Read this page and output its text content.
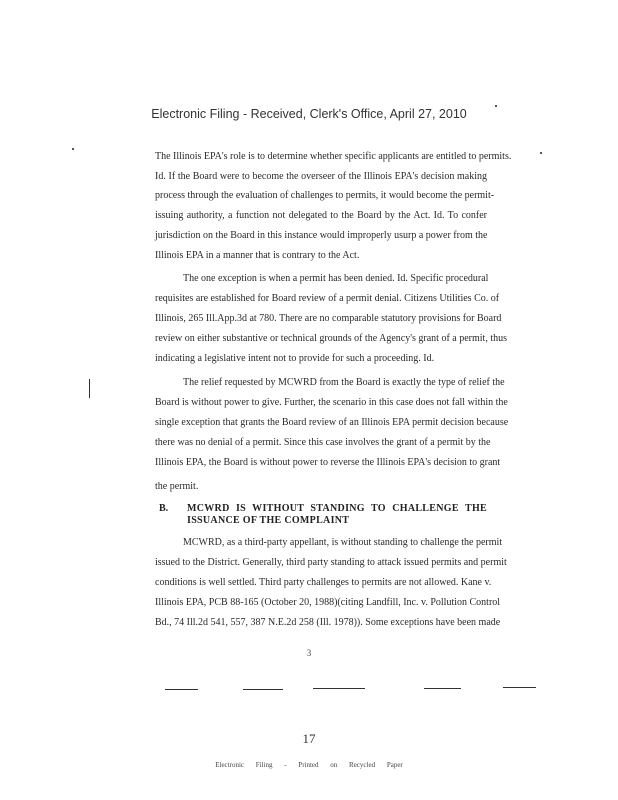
Electronic Filing - Received, Clerk's Office, April 27, 2010
The Illinois EPA's role is to determine whether specific applicants are entitled to permits.
Id. If the Board were to become the overseer of the Illinois EPA's decision making
process through the evaluation of challenges to permits, it would become the permit-
issuing authority, a function not delegated to the Board by the Act. Id. To confer
jurisdiction on the Board in this instance would improperly usurp a power from the
Illinois EPA in a manner that is contrary to the Act.
The one exception is when a permit has been denied. Id. Specific procedural
requisites are established for Board review of a permit denial. Citizens Utilities Co. of
Illinois, 265 Ill.App.3d at 780. There are no comparable statutory provisions for Board
review on either substantive or technical grounds of the Agency's grant of a permit, thus
indicating a legislative intent not to provide for such a proceeding. Id.
The relief requested by MCWRD from the Board is exactly the type of relief the
Board is without power to give. Further, the scenario in this case does not fall within the
single exception that grants the Board review of an Illinois EPA permit decision because
there was no denial of a permit. Since this case involves the grant of a permit by the
Illinois EPA, the Board is without power to reverse the Illinois EPA's decision to grant
the permit.
B. MCWRD IS WITHOUT STANDING TO CHALLENGE THE
ISSUANCE OF THE COMPLAINT
MCWRD, as a third-party appellant, is without standing to challenge the permit
issued to the District. Generally, third party standing to attack issued permits and permit
conditions is well settled. Third party challenges to permits are not allowed. Kane v.
Illinois EPA, PCB 88-165 (October 20, 1988)(citing Landfill, Inc. v. Pollution Control
Bd., 74 Ill.2d 541, 557, 387 N.E.2d 258 (Ill. 1978)). Some exceptions have been made
3
17
Electronic Filing - Printed on Recycled Paper
